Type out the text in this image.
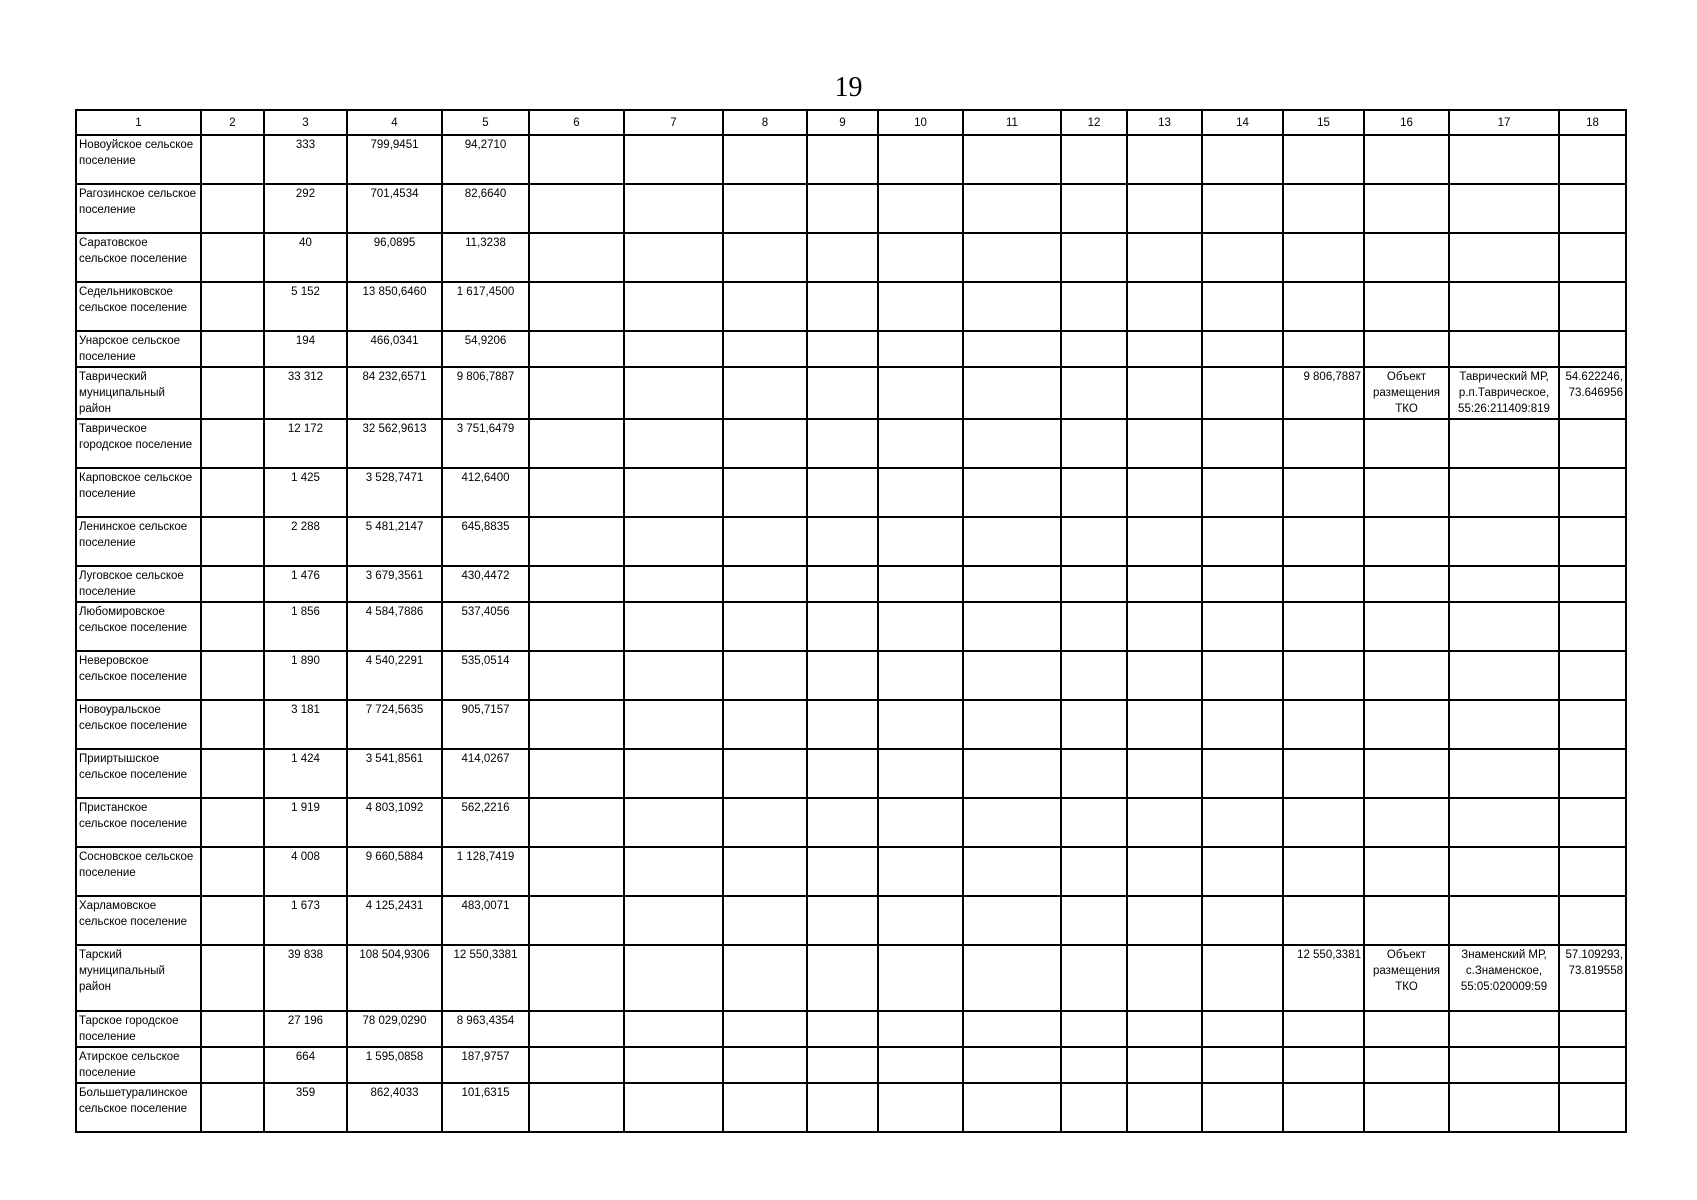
19
1	2	3	4	5	6	7	8	9	10	11	12	13	14	15	16	17	18
Новоуйское сельское поселение		333	799,9451	94,2710													
Рагозинское сельское поселение		292	701,4534	82,6640													
Саратовское сельское поселение		40	96,0895	11,3238													
Седельниковское сельское поселение		5 152	13 850,6460	1 617,4500													
Унарское сельское поселение		194	466,0341	54,9206													
Таврический муниципальный район		33 312	84 232,6571	9 806,7887										9 806,7887	Объект размещения ТКО	Таврический МР, р.п.Таврическое, 55:26:211409:819	54.622246, 73.646956
Таврическое городское поселение		12 172	32 562,9613	3 751,6479													
Карповское сельское поселение		1 425	3 528,7471	412,6400													
Ленинское сельское поселение		2 288	5 481,2147	645,8835													
Луговское сельское поселение		1 476	3 679,3561	430,4472													
Любомировское сельское поселение		1 856	4 584,7886	537,4056													
Неверовское сельское поселение		1 890	4 540,2291	535,0514													
Новоуральское сельское поселение		3 181	7 724,5635	905,7157													
Прииртышское сельское поселение		1 424	3 541,8561	414,0267													
Пристанское сельское поселение		1 919	4 803,1092	562,2216													
Сосновское сельское поселение		4 008	9 660,5884	1 128,7419													
Харламовское сельское поселение		1 673	4 125,2431	483,0071													
Тарский муниципальный район		39 838	108 504,9306	12 550,3381										12 550,3381	Объект размещения ТКО	Знаменский МР, с.Знаменское, 55:05:020009:59	57.109293, 73.819558
Тарское городское поселение		27 196	78 029,0290	8 963,4354													
Атирское сельское поселение		664	1 595,0858	187,9757													
Большетуралинское сельское поселение		359	862,4033	101,6315													
